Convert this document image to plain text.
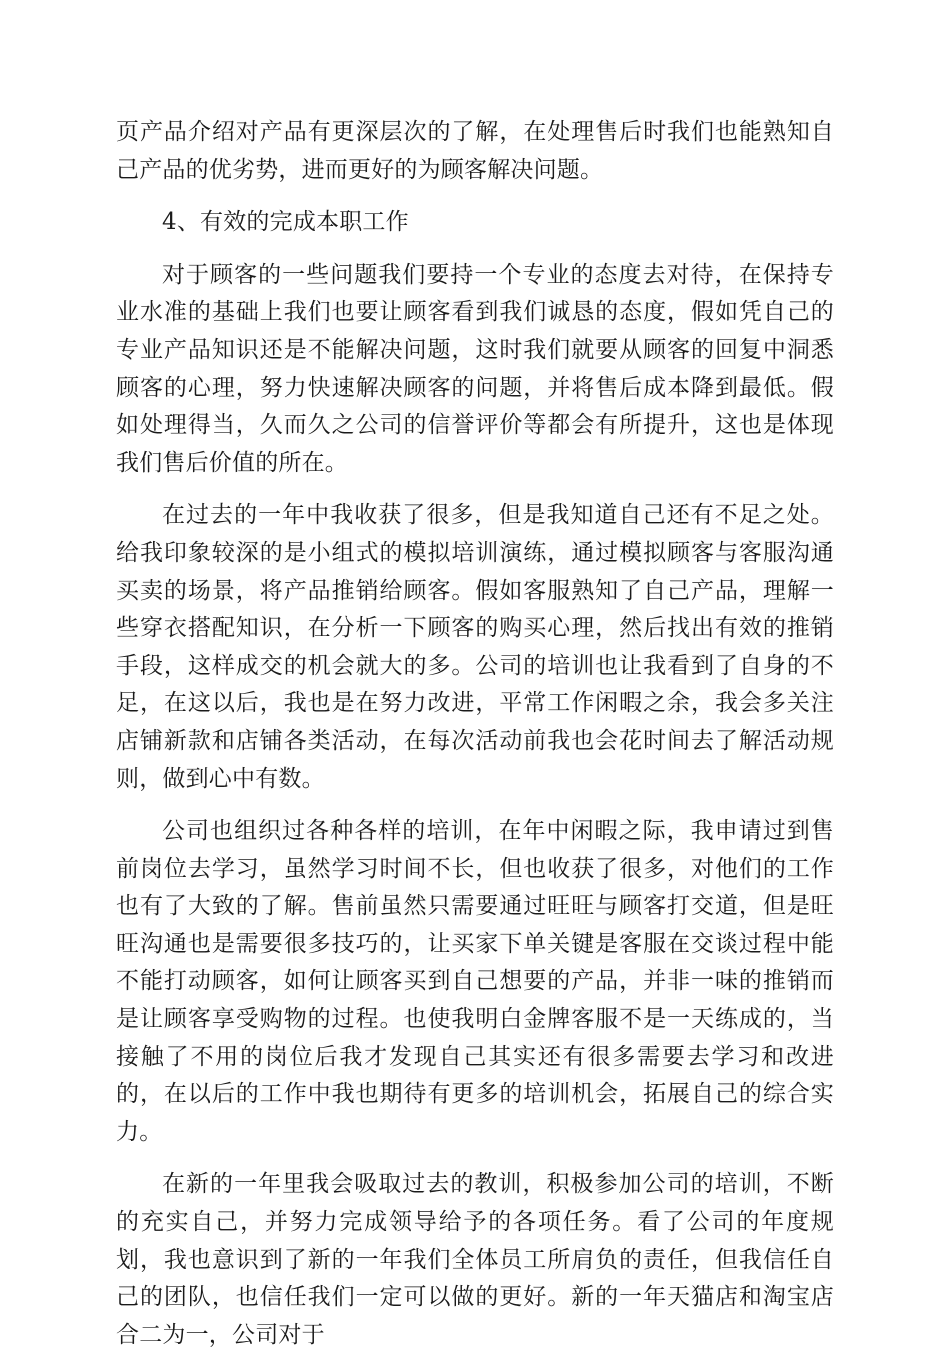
页产品介绍对产品有更深层次的了解，在处理售后时我们也能熟知自己产品的优劣势，进而更好的为顾客解决问题。

4、有效的完成本职工作

对于顾客的一些问题我们要持一个专业的态度去对待，在保持专业水准的基础上我们也要让顾客看到我们诚恳的态度，假如凭自己的专业产品知识还是不能解决问题，这时我们就要从顾客的回复中洞悉顾客的心理，努力快速解决顾客的问题，并将售后成本降到最低。假如处理得当，久而久之公司的信誉评价等都会有所提升，这也是体现我们售后价值的所在。

在过去的一年中我收获了很多，但是我知道自己还有不足之处。给我印象较深的是小组式的模拟培训演练，通过模拟顾客与客服沟通买卖的场景，将产品推销给顾客。假如客服熟知了自己产品，理解一些穿衣搭配知识，在分析一下顾客的购买心理，然后找出有效的推销手段，这样成交的机会就大的多。公司的培训也让我看到了自身的不足，在这以后，我也是在努力改进，平常工作闲暇之余，我会多关注店铺新款和店铺各类活动，在每次活动前我也会花时间去了解活动规则，做到心中有数。

公司也组织过各种各样的培训，在年中闲暇之际，我申请过到售前岗位去学习，虽然学习时间不长，但也收获了很多，对他们的工作也有了大致的了解。售前虽然只需要通过旺旺与顾客打交道，但是旺旺沟通也是需要很多技巧的，让买家下单关键是客服在交谈过程中能不能打动顾客，如何让顾客买到自己想要的产品，并非一味的推销而是让顾客享受购物的过程。也使我明白金牌客服不是一天练成的，当接触了不用的岗位后我才发现自己其实还有很多需要去学习和改进的，在以后的工作中我也期待有更多的培训机会，拓展自己的综合实力。

在新的一年里我会吸取过去的教训，积极参加公司的培训，不断的充实自己，并努力完成领导给予的各项任务。看了公司的年度规划，我也意识到了新的一年我们全体员工所肩负的责任，但我信任自己的团队，也信任我们一定可以做的更好。新的一年天猫店和淘宝店合二为一，公司对于
